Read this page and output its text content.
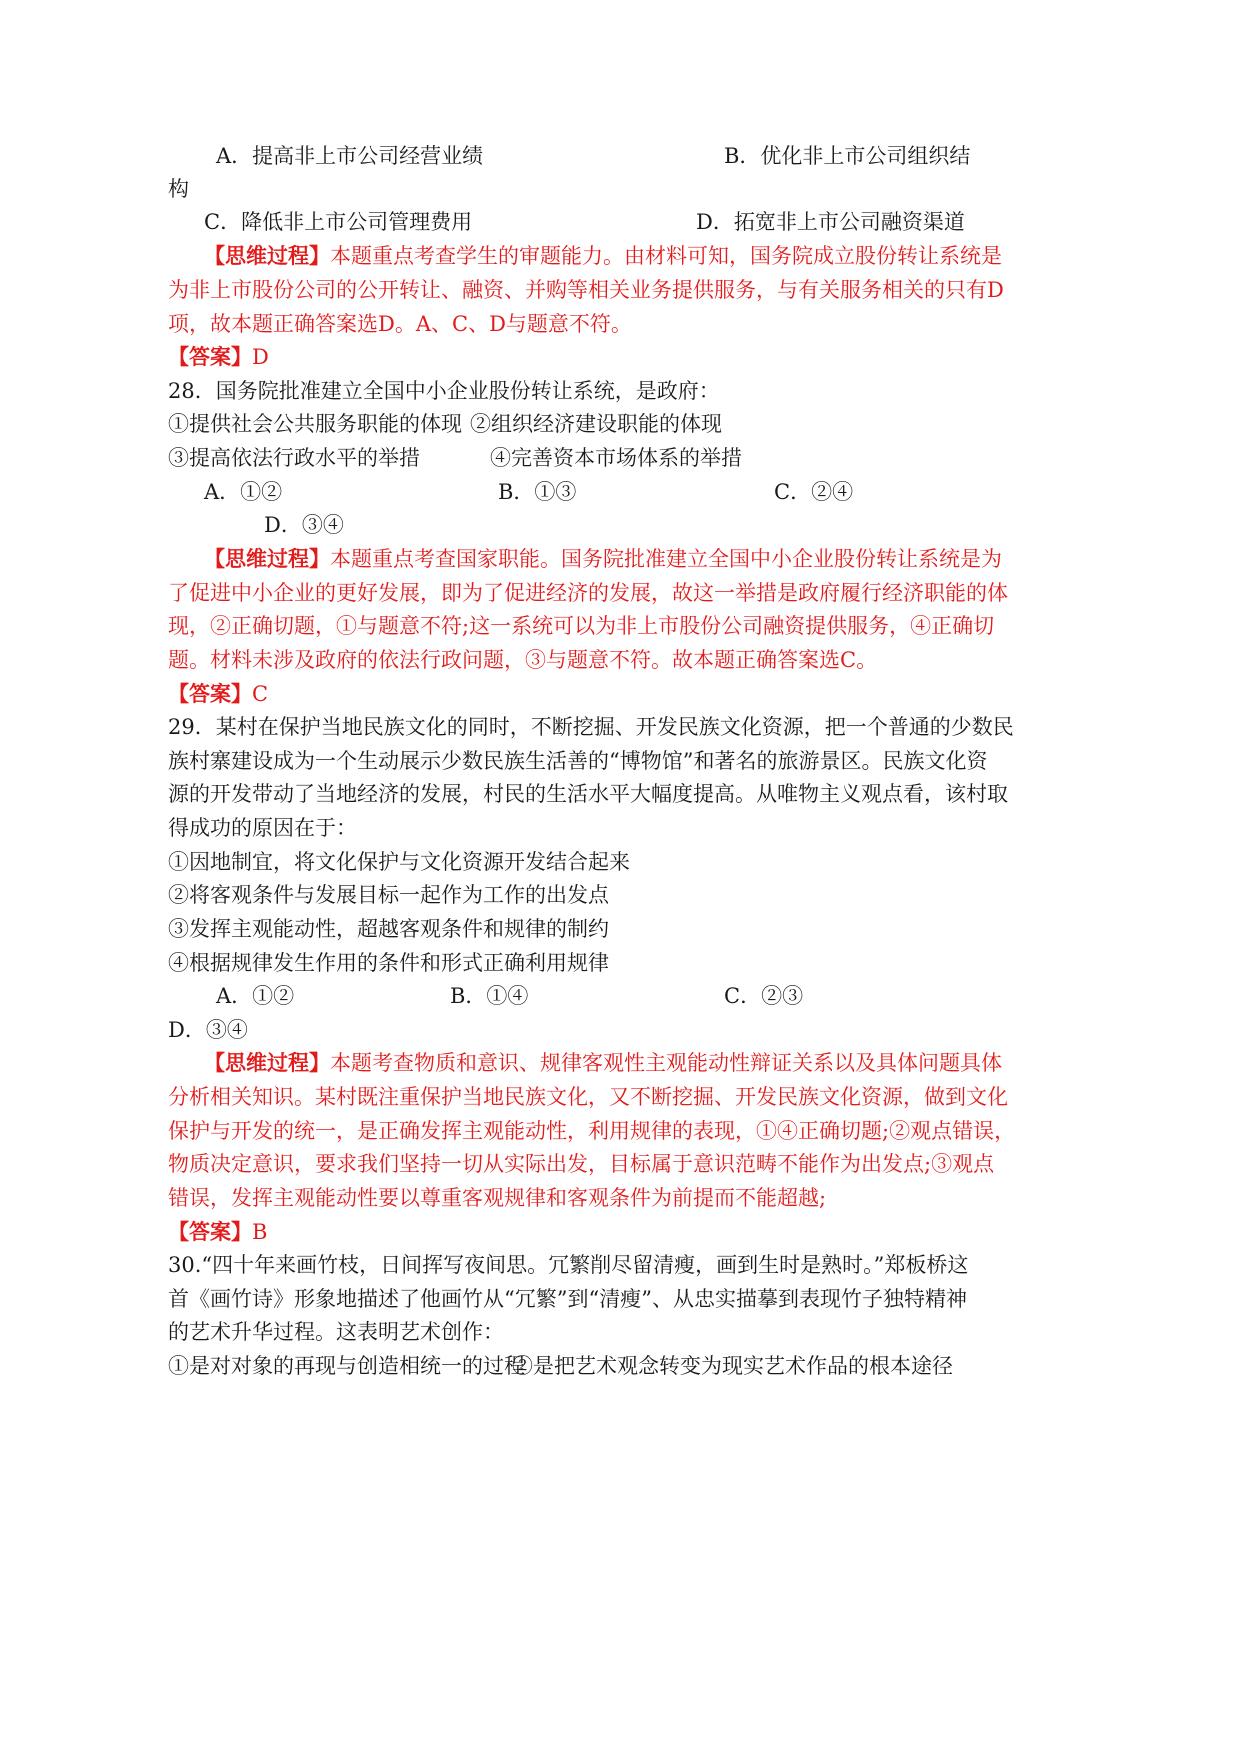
A．提高非上市公司经营业绩	B．优化非上市公司组织结
构
C．降低非上市公司管理费用	D．拓宽非上市公司融资渠道
【思维过程】本题重点考查学生的审题能力。由材料可知，国务院成立股份转让系统是
为非上市股份公司的公开转让、融资、并购等相关业务提供服务，与有关服务相关的只有D
项，故本题正确答案选D。A、C、D与题意不符。
【答案】D
28．国务院批准建立全国中小企业股份转让系统，是政府：
①提供社会公共服务职能的体现 ②组织经济建设职能的体现
③提高依法行政水平的举措	④完善资本市场体系的举措
A．①②	B．①③	C．②④
D．③④
【思维过程】本题重点考查国家职能。国务院批准建立全国中小企业股份转让系统是为
了促进中小企业的更好发展，即为了促进经济的发展，故这一举措是政府履行经济职能的体
现，②正确切题，①与题意不符;这一系统可以为非上市股份公司融资提供服务，④正确切
题。材料未涉及政府的依法行政问题，③与题意不符。故本题正确答案选C。
【答案】C
29．某村在保护当地民族文化的同时，不断挖掘、开发民族文化资源，把一个普通的少数民
族村寨建设成为一个生动展示少数民族生活善的“博物馆”和著名的旅游景区。民族文化资
源的开发带动了当地经济的发展，村民的生活水平大幅度提高。从唯物主义观点看，该村取
得成功的原因在于：
①因地制宜，将文化保护与文化资源开发结合起来
②将客观条件与发展目标一起作为工作的出发点
③发挥主观能动性，超越客观条件和规律的制约
④根据规律发生作用的条件和形式正确利用规律
A．①②	B．①④	C．②③
D．③④
【思维过程】本题考查物质和意识、规律客观性主观能动性辩证关系以及具体问题具体
分析相关知识。某村既注重保护当地民族文化，又不断挖掘、开发民族文化资源，做到文化
保护与开发的统一，是正确发挥主观能动性，利用规律的表现，①④正确切题;②观点错误，
物质决定意识，要求我们坚持一切从实际出发，目标属于意识范畴不能作为出发点;③观点
错误，发挥主观能动性要以尊重客观规律和客观条件为前提而不能超越;
【答案】B
30.“四十年来画竹枝，日间挥写夜间思。冗繁削尽留清瘦，画到生时是熟时。”郑板桥这
首《画竹诗》形象地描述了他画竹从“冗繁”到“清瘦”、从忠实描摹到表现竹子独特精神
的艺术升华过程。这表明艺术创作：
①是对对象的再现与创造相统一的过程
②是把艺术观念转变为现实艺术作品的根本途径
